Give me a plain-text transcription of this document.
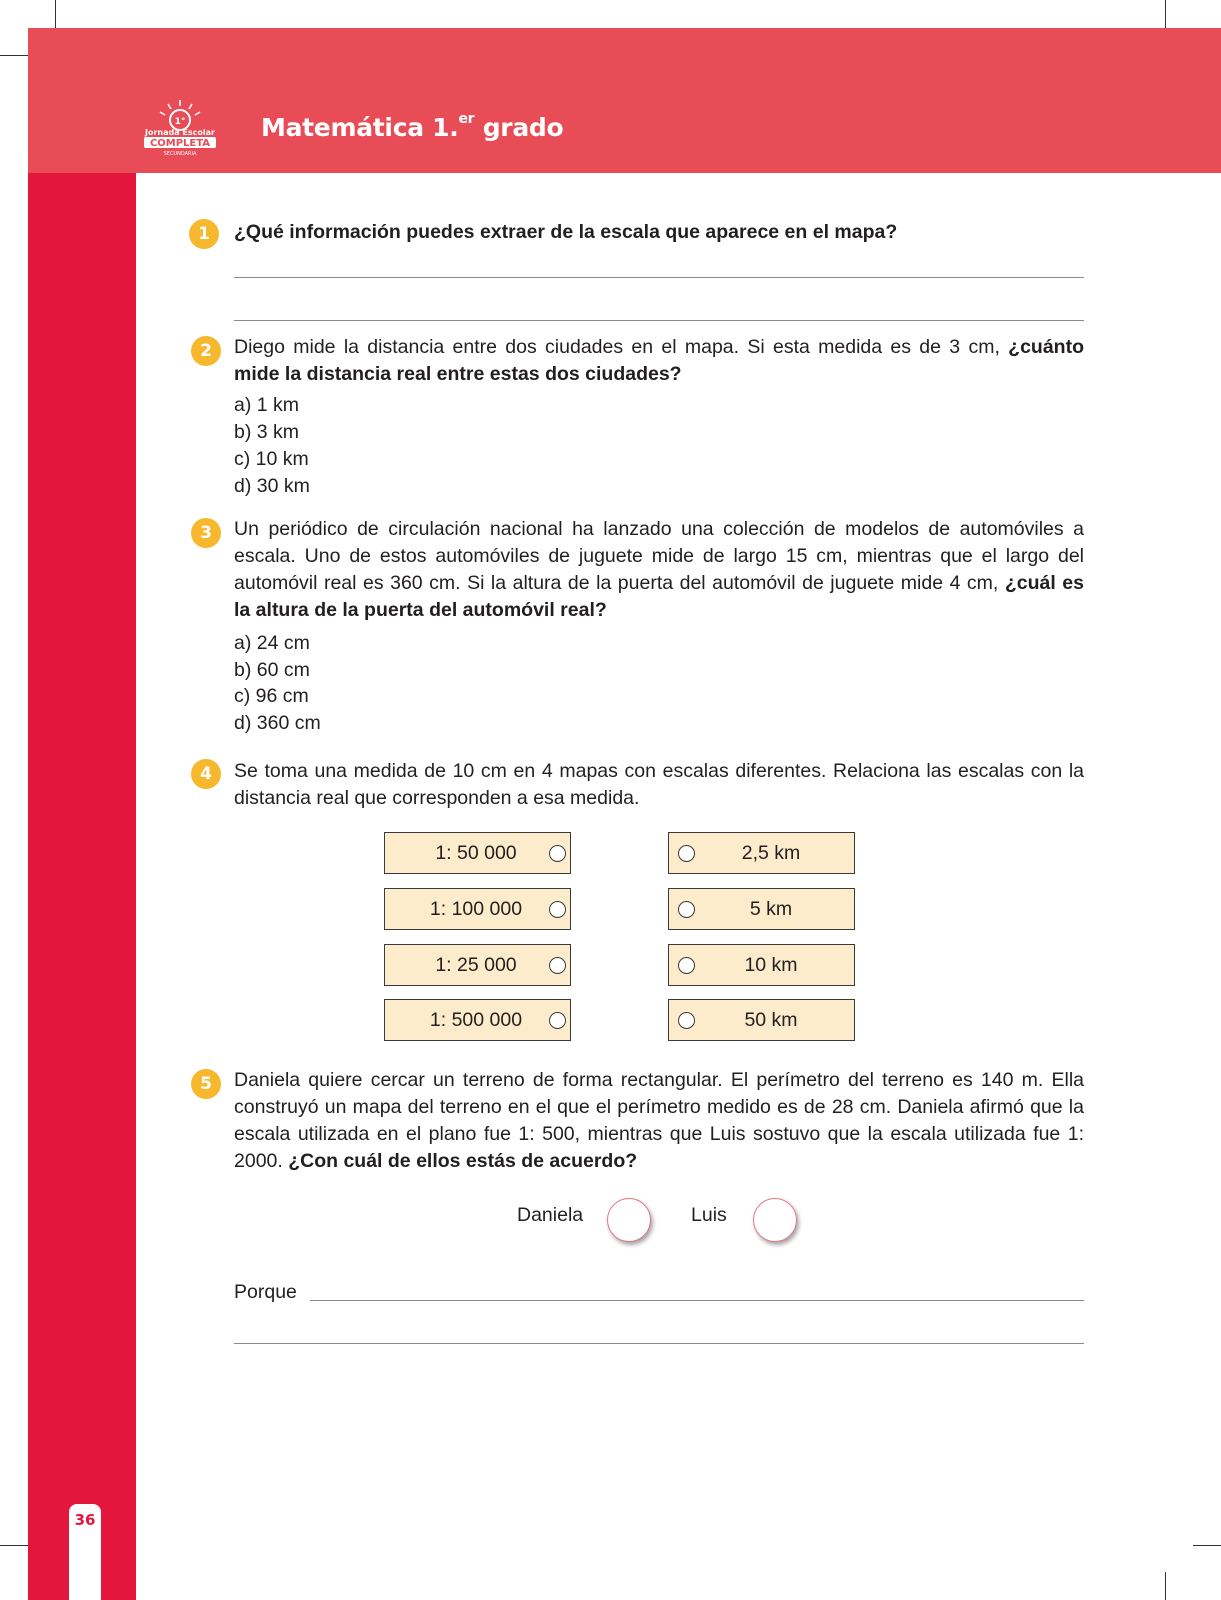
1°
Jornada Escolar
COMPLETA
SECUNDARIA
Matemática 1.$^{er}$ grado
36
1
2
3
4
5
¿Qué información puedes extraer de la escala que aparece en el mapa?
Diego mide la distancia entre dos ciudades en el mapa. Si esta medida es de 3 cm, ¿cuánto mide la distancia real entre estas dos ciudades?
a) 1 km
b) 3 km
c) 10 km
d) 30 km
Un periódico de circulación nacional ha lanzado una colección de modelos de automóviles a escala. Uno de estos automóviles de juguete mide de largo 15 cm, mientras que el largo del automóvil real es 360 cm. Si la altura de la puerta del automóvil de juguete mide 4 cm, ¿cuál es la altura de la puerta del automóvil real?
a) 24 cm
b) 60 cm
c) 96 cm
d) 360 cm
Se toma una medida de 10 cm en 4 mapas con escalas diferentes. Relaciona las escalas con la distancia real que corresponden a esa medida.
Daniela quiere cercar un terreno de forma rectangular. El perímetro del terreno es 140 m. Ella construyó un mapa del terreno en el que el perímetro medido es de 28 cm. Daniela afirmó que la escala utilizada en el plano fue 1: 500, mientras que Luis sostuvo que la escala utilizada fue 1: 2000. ¿Con cuál de ellos estás de acuerdo?
Daniela	Luis
Porque
1: 50 000
1: 100 000
1: 25 000
1: 500 000
2,5 km
5 km
10 km
50 km
